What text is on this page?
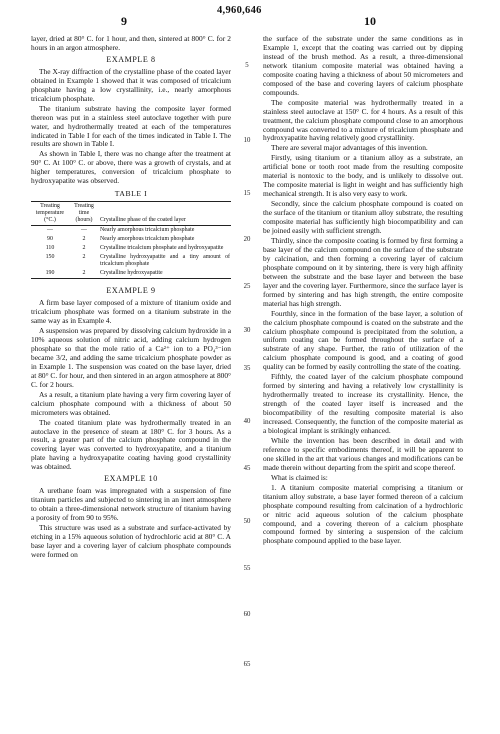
9
4,960,646
10

layer, dried at 80° C. for 1 hour, and then, sintered at 800° C. for 2 hours in an argon atmosphere.

EXAMPLE 8

The X-ray diffraction of the crystalline phase of the coated layer obtained in Example 1 showed that it was composed of tricalcium phosphate having a low crystallinity, i.e., nearly amorphous tricalcium phosphate.

The titanium substrate having the composite layer formed thereon was put in a stainless steel autoclave together with pure water, and hydrothermally treated at each of the temperatures indicated in Table I for each of the times indicated in Table I. The results are shown in Table I.

As shown in Table I, there was no change after the treatment at 90° C. At 100° C. or above, there was a growth of crystals, and at higher temperatures, conversion of tricalcium phosphate to hydroxyapatite was observed.

TABLE I
Treating temperature (°C.)	Treating time (hours)	Crystalline phase of the coated layer
—	—	Nearly amorphous tricalcium phosphate
90	2	Nearly amorphous tricalcium phosphate
110	2	Crystalline tricalcium phosphate and hydroxyapatite
150	2	Crystalline hydroxyapatite and a tiny amount of tricalcium phosphate
190	2	Crystalline hydroxyapatite
EXAMPLE 9

A firm base layer composed of a mixture of titanium oxide and tricalcium phosphate was formed on a titanium substrate in the same way as in Example 4.

A suspension was prepared by dissolving calcium hydroxide in a 10% aqueous solution of nitric acid, adding calcium hydrogen phosphate so that the mole ratio of a Ca²⁺ ion to a PO₄³⁻ion became 3/2, and adding the same tricalcium phosphate powder as in Example 1. The suspension was coated on the base layer, dried at 80° C. for hour, and then sintered in an argon atmosphere at 800° C. for 2 hours.

As a result, a titanium plate having a very firm covering layer of calcium phosphate compound with a thickness of about 50 micrometers was obtained.

The coated titanium plate was hydrothermally treated in an autoclave in the presence of steam at 180° C. for 3 hours. As a result, a greater part of the calcium phosphate compound in the covering layer was converted to hydroxyapatite, and a titanium plate having a hydroxyapatite coating having good crystallinity was obtained.

EXAMPLE 10

A urethane foam was impregnated with a suspension of fine titanium particles and subjected to sintering in an inert atmosphere to obtain a three-dimensional network structure of titanium having a porosity of from 90 to 95%.

This structure was used as a substrate and surface-activated by etching in a 15% aqueous solution of hydrochloric acid at 80° C. A base layer and a covering layer of calcium phosphate compounds were formed on

5
10
15
20
25
30
35
40
45
50
55
60
65

the surface of the substrate under the same conditions as in Example 1, except that the coating was carried out by dipping instead of the brush method. As a result, a three-dimensional network titanium composite material was obtained having a composite coating having a thickness of about 50 micrometers and composed of the base and covering layers of calcium phosphate compounds.

The composite material was hydrothermally treated in a stainless steel autoclave at 150° C. for 4 hours. As a result of this treatment, the calcium phosphate compound close to an amorphous compound was converted to a mixture of tricalcium phosphate and hydroxyapatite having relatively good crystallinity.

There are several major advantages of this invention.

Firstly, using titanium or a titanium alloy as a substrate, an artificial bone or tooth root made from the resulting composite material is nontoxic to the body, and is unlikely to dissolve out. The composite material is light in weight and has sufficiently high mechanical strength. It is also very easy to work.

Secondly, since the calcium phosphate compound is coated on the surface of the titanium or titanium alloy substrate, the resulting composite material has sufficiently high biocompatibility and can be joined easily with sufficient strength.

Thirdly, since the composite coating is formed by first forming a base layer of the calcium compound on the surface of the substrate by calcination, and then forming a covering layer of calcium phosphate compound on it by sintering, there is very high affinity between the substrate and the base layer and between the base layer and the covering layer. Furthermore, since the surface layer is formed by sintering and has high strength, the entire composite material has high strength.

Fourthly, since in the formation of the base layer, a solution of the calcium phosphate compound is coated on the substrate and the calcium phosphate compound is precipitated from the solution, a uniform coating can be formed throughout the surface of a substrate of any shape. Further, the ratio of utilization of the calcium phosphate compound is good, and a coating of good quality can be formed by easily controlling the state of the coating.

Fifthly, the coated layer of the calcium phosphate compound formed by sintering and having a relatively low crystallinity is hydrothermally treated to increase its crystallinity. Hence, the strength of the coated layer itself is increased and the biocompatibility of the resulting composite material is also increased. Consequently, the function of the composite material as a biological implant is strikingly enhanced.

While the invention has been described in detail and with reference to specific embodiments thereof, it will be apparent to one skilled in the art that various changes and modifications can be made therein without departing from the spirit and scope thereof.

What is claimed is:

1. A titanium composite material comprising a titanium or titanium alloy substrate, a base layer formed thereon of a calcium phosphate compound resulting from calcination of a hydrochloric or nitric acid aqueous solution of the calcium phosphate compound, and a covering thereon of a calcium phosphate compound formed by sintering a suspension of the calcium phosphate compound applied to the base layer.
